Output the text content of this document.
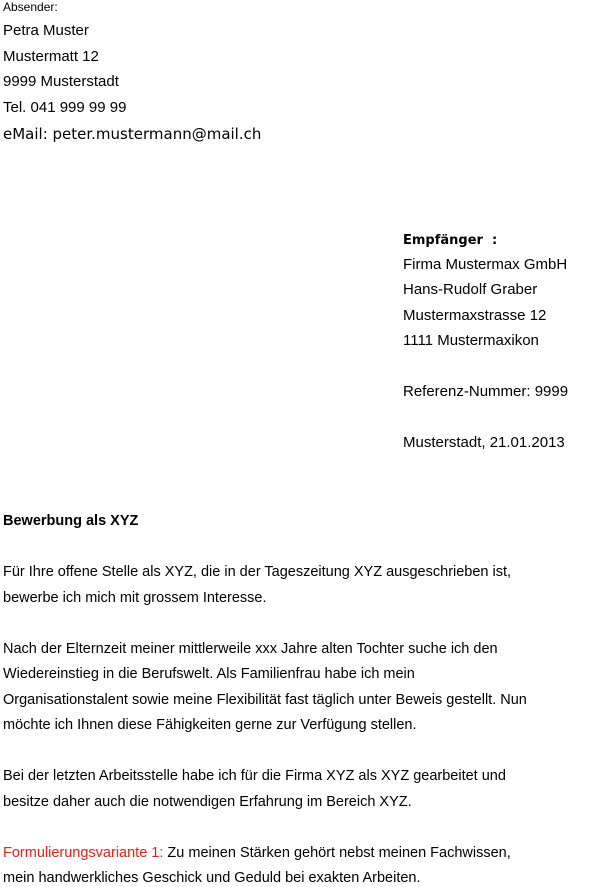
Absender:
Petra Muster
Mustermatt 12
9999 Musterstadt
Tel. 041 999 99 99
eMail: peter.mustermann@mail.ch
Empfänger  :
Firma Mustermax GmbH
Hans-Rudolf Graber
Mustermaxstrasse 12
1111 Mustermaxikon
Referenz-Nummer: 9999
Musterstadt, 21.01.2013
Bewerbung als XYZ
Für Ihre offene Stelle als XYZ, die in der Tageszeitung XYZ ausgeschrieben ist,
bewerbe ich mich mit grossem Interesse.
Nach der Elternzeit meiner mittlerweile xxx Jahre alten Tochter suche ich den
Wiedereinstieg in die Berufswelt. Als Familienfrau habe ich mein
Organisationstalent sowie meine Flexibilität fast täglich unter Beweis gestellt. Nun
möchte ich Ihnen diese Fähigkeiten gerne zur Verfügung stellen.
Bei der letzten Arbeitsstelle habe ich für die Firma XYZ als XYZ gearbeitet und
besitze daher auch die notwendigen Erfahrung im Bereich XYZ.
Formulierungsvariante 1: Zu meinen Stärken gehört nebst meinen Fachwissen,
mein handwerkliches Geschick und Geduld bei exakten Arbeiten.
